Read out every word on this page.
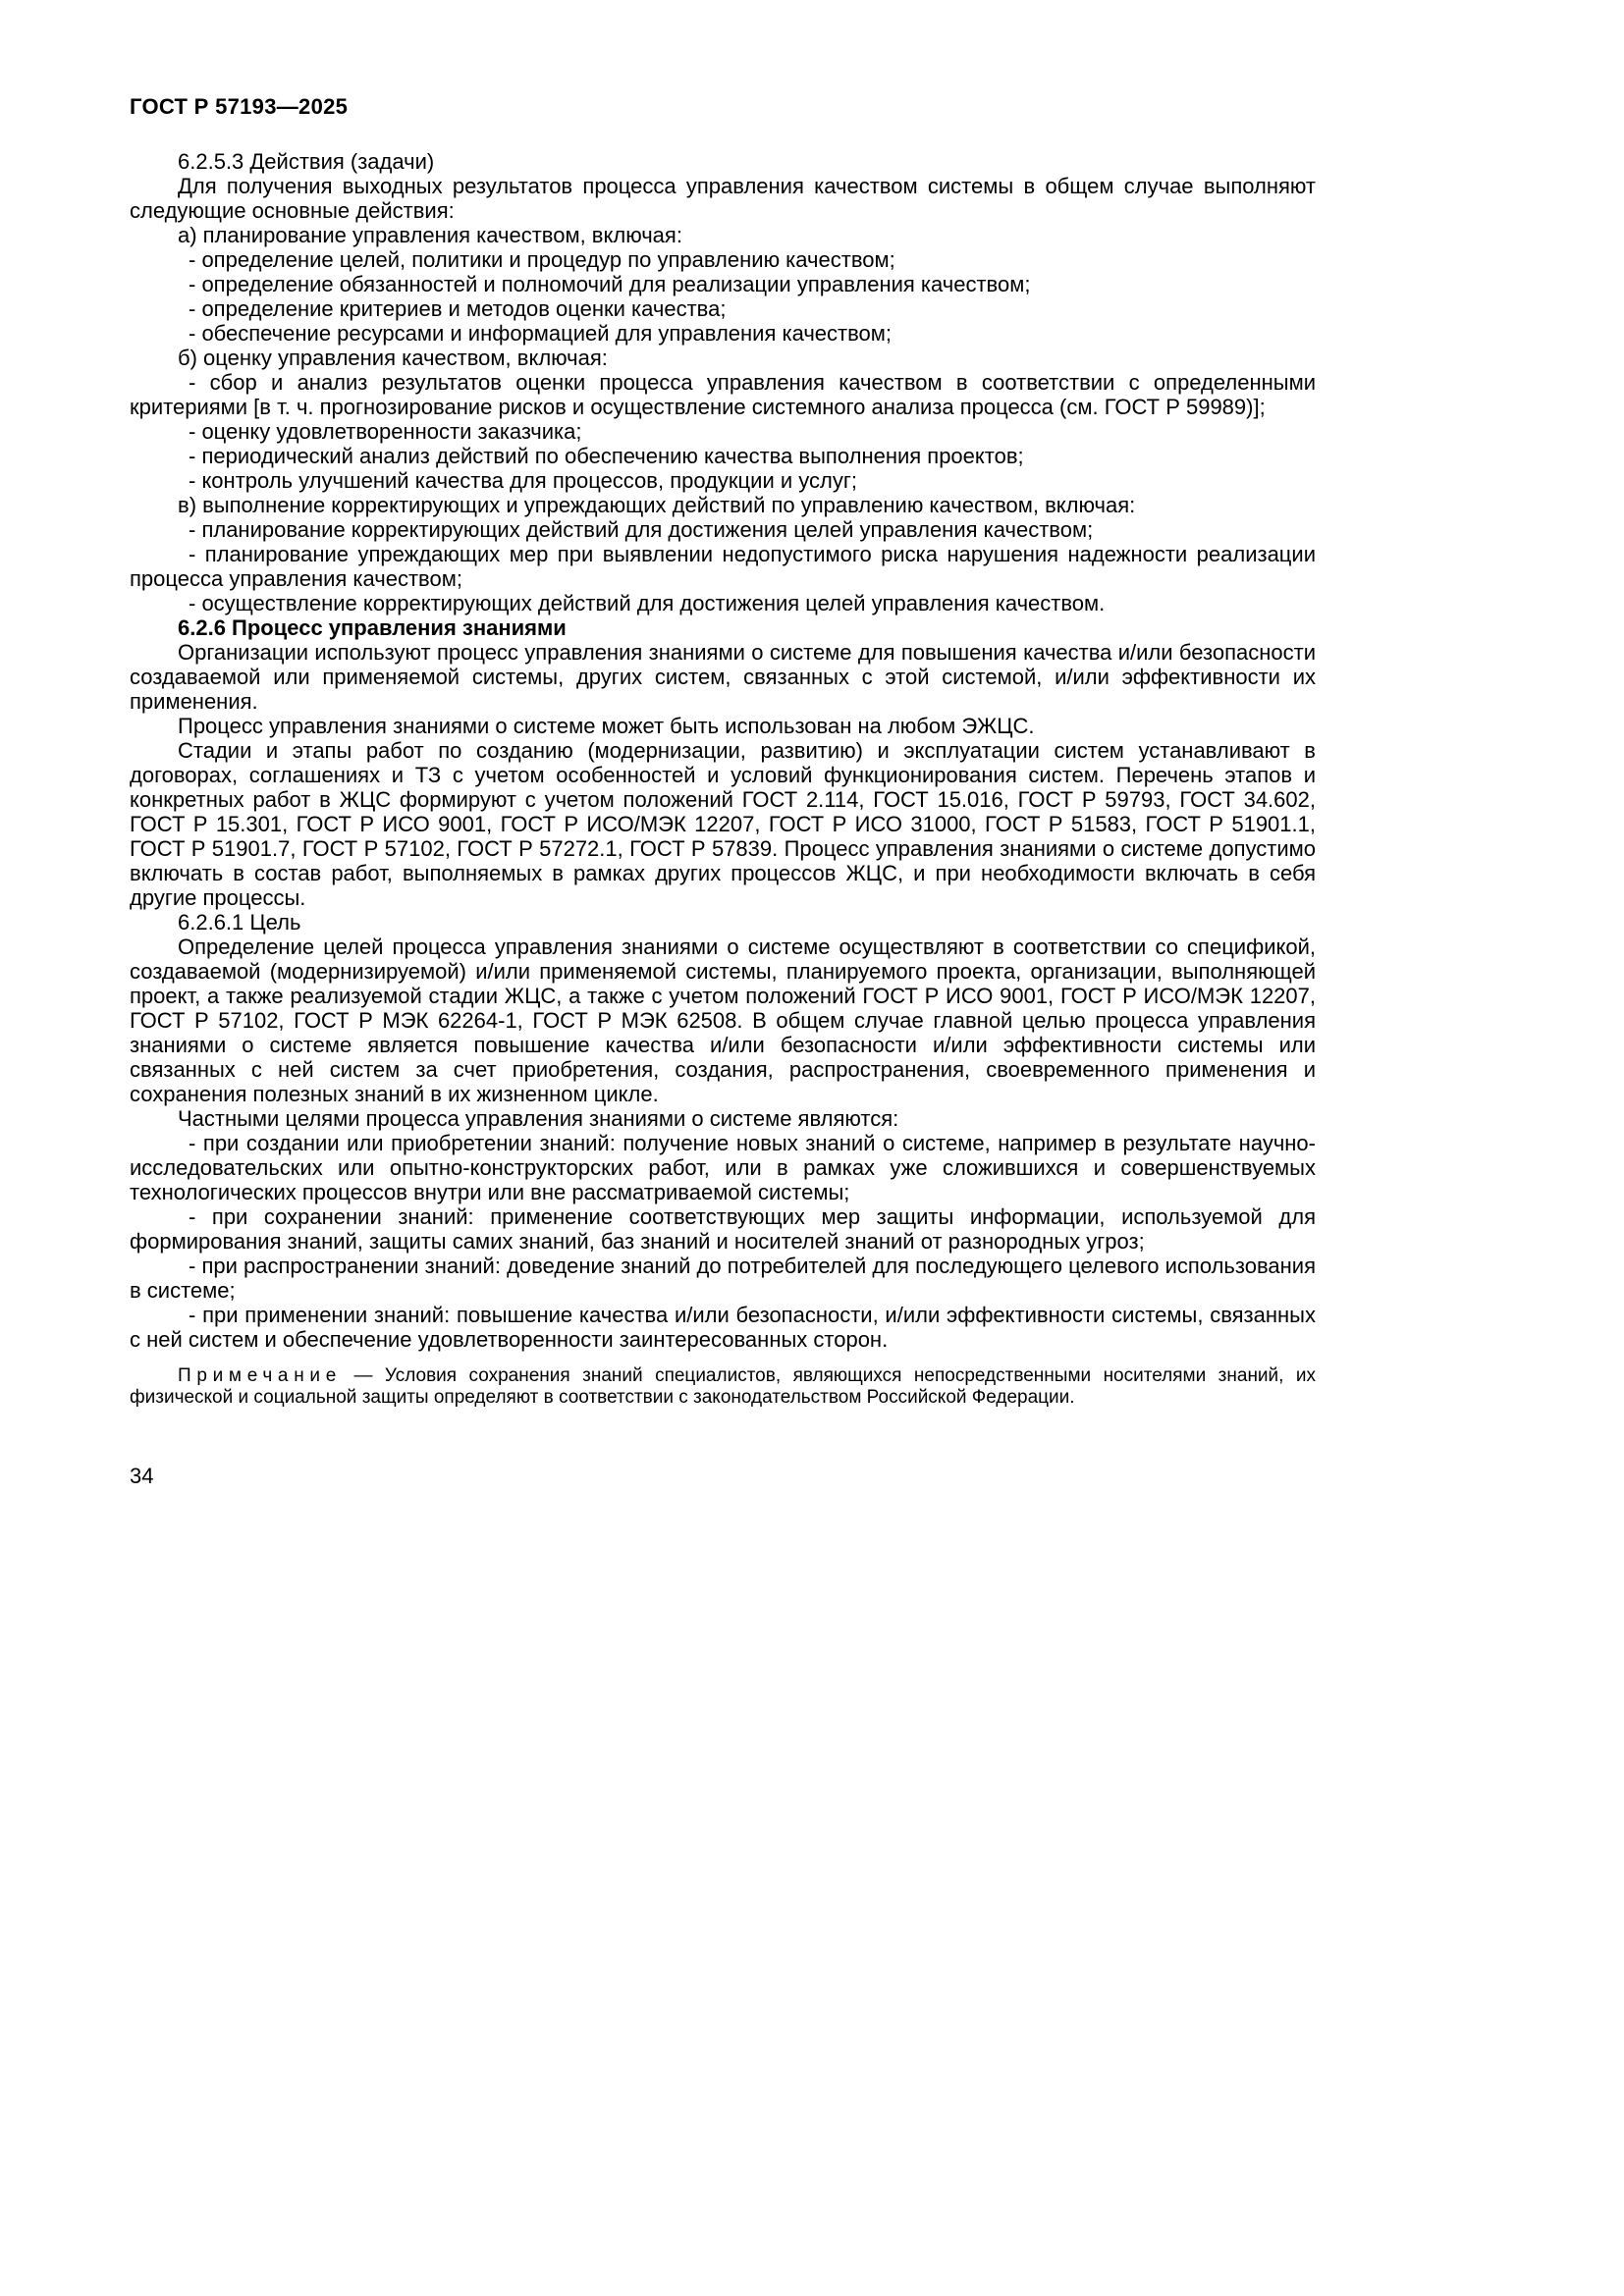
ГОСТ Р 57193—2025

6.2.5.3 Действия (задачи)

Для получения выходных результатов процесса управления качеством системы в общем случае выполняют следующие основные действия:

а) планирование управления качеством, включая:

- определение целей, политики и процедур по управлению качеством;

- определение обязанностей и полномочий для реализации управления качеством;

- определение критериев и методов оценки качества;

- обеспечение ресурсами и информацией для управления качеством;

б) оценку управления качеством, включая:

- сбор и анализ результатов оценки процесса управления качеством в соответствии с определенными критериями [в т. ч. прогнозирование рисков и осуществление системного анализа процесса (см. ГОСТ Р 59989)];

- оценку удовлетворенности заказчика;

- периодический анализ действий по обеспечению качества выполнения проектов;

- контроль улучшений качества для процессов, продукции и услуг;

в) выполнение корректирующих и упреждающих действий по управлению качеством, включая:

- планирование корректирующих действий для достижения целей управления качеством;

- планирование упреждающих мер при выявлении недопустимого риска нарушения надежности реализации процесса управления качеством;

- осуществление корректирующих действий для достижения целей управления качеством.

6.2.6 Процесс управления знаниями

Организации используют процесс управления знаниями о системе для повышения качества и/или безопасности создаваемой или применяемой системы, других систем, связанных с этой системой, и/или эффективности их применения.

Процесс управления знаниями о системе может быть использован на любом ЭЖЦС.

Стадии и этапы работ по созданию (модернизации, развитию) и эксплуатации систем устанавливают в договорах, соглашениях и ТЗ с учетом особенностей и условий функционирования систем. Перечень этапов и конкретных работ в ЖЦС формируют с учетом положений ГОСТ 2.114, ГОСТ 15.016, ГОСТ Р 59793, ГОСТ 34.602, ГОСТ Р 15.301, ГОСТ Р ИСО 9001, ГОСТ Р ИСО/МЭК 12207, ГОСТ Р ИСО 31000, ГОСТ Р 51583, ГОСТ Р 51901.1, ГОСТ Р 51901.7, ГОСТ Р 57102, ГОСТ Р 57272.1, ГОСТ Р 57839. Процесс управления знаниями о системе допустимо включать в состав работ, выполняемых в рамках других процессов ЖЦС, и при необходимости включать в себя другие процессы.

6.2.6.1 Цель

Определение целей процесса управления знаниями о системе осуществляют в соответствии со спецификой, создаваемой (модернизируемой) и/или применяемой системы, планируемого проекта, организации, выполняющей проект, а также реализуемой стадии ЖЦС, а также с учетом положений ГОСТ Р ИСО 9001, ГОСТ Р ИСО/МЭК 12207, ГОСТ Р 57102, ГОСТ Р МЭК 62264-1, ГОСТ Р МЭК 62508. В общем случае главной целью процесса управления знаниями о системе является повышение качества и/или безопасности и/или эффективности системы или связанных с ней систем за счет приобретения, создания, распространения, своевременного применения и сохранения полезных знаний в их жизненном цикле.

Частными целями процесса управления знаниями о системе являются:

- при создании или приобретении знаний: получение новых знаний о системе, например в результате научно-исследовательских или опытно-конструкторских работ, или в рамках уже сложившихся и совершенствуемых технологических процессов внутри или вне рассматриваемой системы;

- при сохранении знаний: применение соответствующих мер защиты информации, используемой для формирования знаний, защиты самих знаний, баз знаний и носителей знаний от разнородных угроз;

- при распространении знаний: доведение знаний до потребителей для последующего целевого использования в системе;

- при применении знаний: повышение качества и/или безопасности, и/или эффективности системы, связанных с ней систем и обеспечение удовлетворенности заинтересованных сторон.

Примечание — Условия сохранения знаний специалистов, являющихся непосредственными носителями знаний, их физической и социальной защиты определяют в соответствии с законодательством Российской Федерации.

34
